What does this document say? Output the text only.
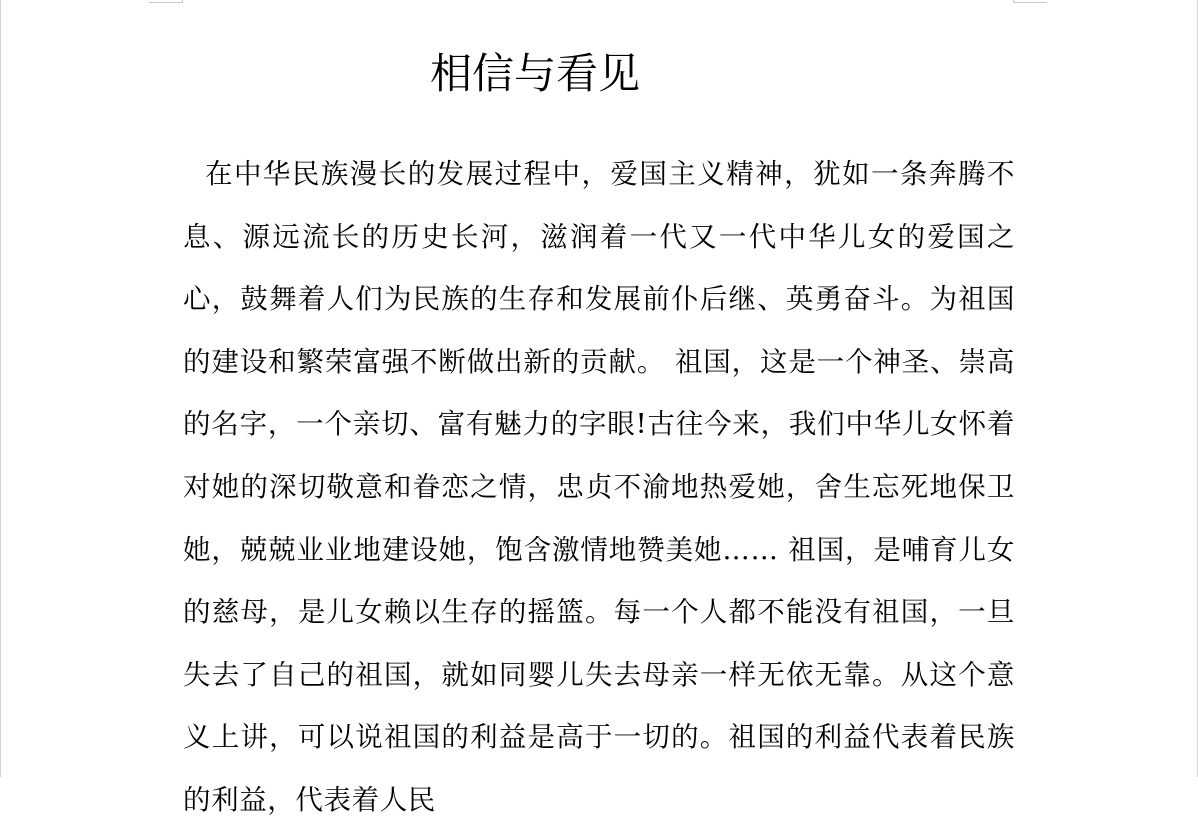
相信与看见

在中华民族漫长的发展过程中，爱国主义精神，犹如一条奔腾不息、源远流长的历史长河，滋润着一代又一代中华儿女的爱国之心，鼓舞着人们为民族的生存和发展前仆后继、英勇奋斗。为祖国的建设和繁荣富强不断做出新的贡献。 祖国，这是一个神圣、崇高的名字，一个亲切、富有魅力的字眼!古往今来，我们中华儿女怀着对她的深切敬意和眷恋之情，忠贞不渝地热爱她，舍生忘死地保卫她，兢兢业业地建设她，饱含激情地赞美她…… 祖国，是哺育儿女的慈母，是儿女赖以生存的摇篮。每一个人都不能没有祖国，一旦失去了自己的祖国，就如同婴儿失去母亲一样无依无靠。从这个意义上讲，可以说祖国的利益是高于一切的。祖国的利益代表着民族的利益，代表着人民
